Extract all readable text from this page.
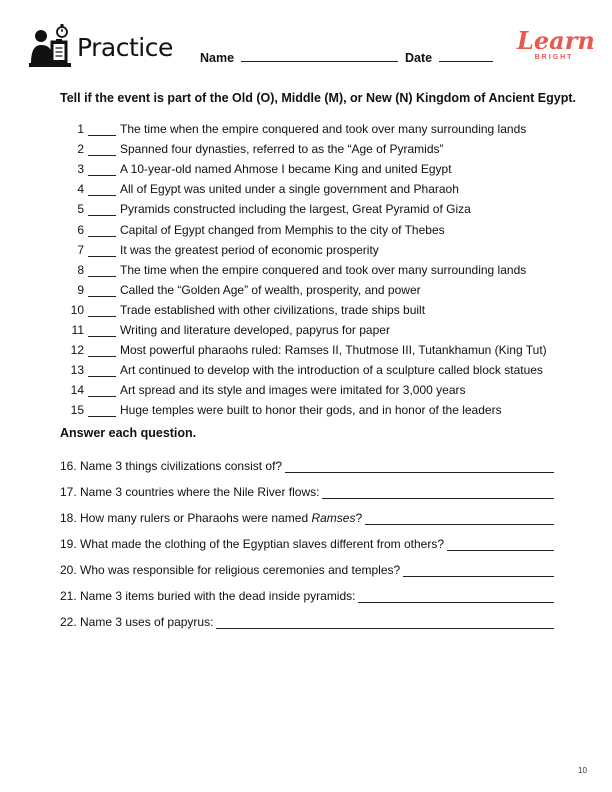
Practice Name	Date
Learn
BRIGHT
Tell if the event is part of the Old (O), Middle (M), or New (N) Kingdom of Ancient Egypt.
1	The time when the empire conquered and took over many surrounding lands
2	Spanned four dynasties, referred to as the “Age of Pyramids”
3	A 10-year-old named Ahmose I became King and united Egypt
4	All of Egypt was united under a single government and Pharaoh
5	Pyramids constructed including the largest, Great Pyramid of Giza
6	Capital of Egypt changed from Memphis to the city of Thebes
7	It was the greatest period of economic prosperity
8	The time when the empire conquered and took over many surrounding lands
9	Called the “Golden Age” of wealth, prosperity, and power
10	Trade established with other civilizations, trade ships built
11	Writing and literature developed, papyrus for paper
12	Most powerful pharaohs ruled: Ramses II, Thutmose III, Tutankhamun (King Tut)
13	Art continued to develop with the introduction of a sculpture called block statues
14	Art spread and its style and images were imitated for 3,000 years
15	Huge temples were built to honor their gods, and in honor of the leaders
Answer each question.
16. Name 3 things civilizations consist of?
17. Name 3 countries where the Nile River flows:
18. How many rulers or Pharaohs were named Ramses?
19. What made the clothing of the Egyptian slaves different from others?
20. Who was responsible for religious ceremonies and temples?
21. Name 3 items buried with the dead inside pyramids:
22. Name 3 uses of papyrus:
10
